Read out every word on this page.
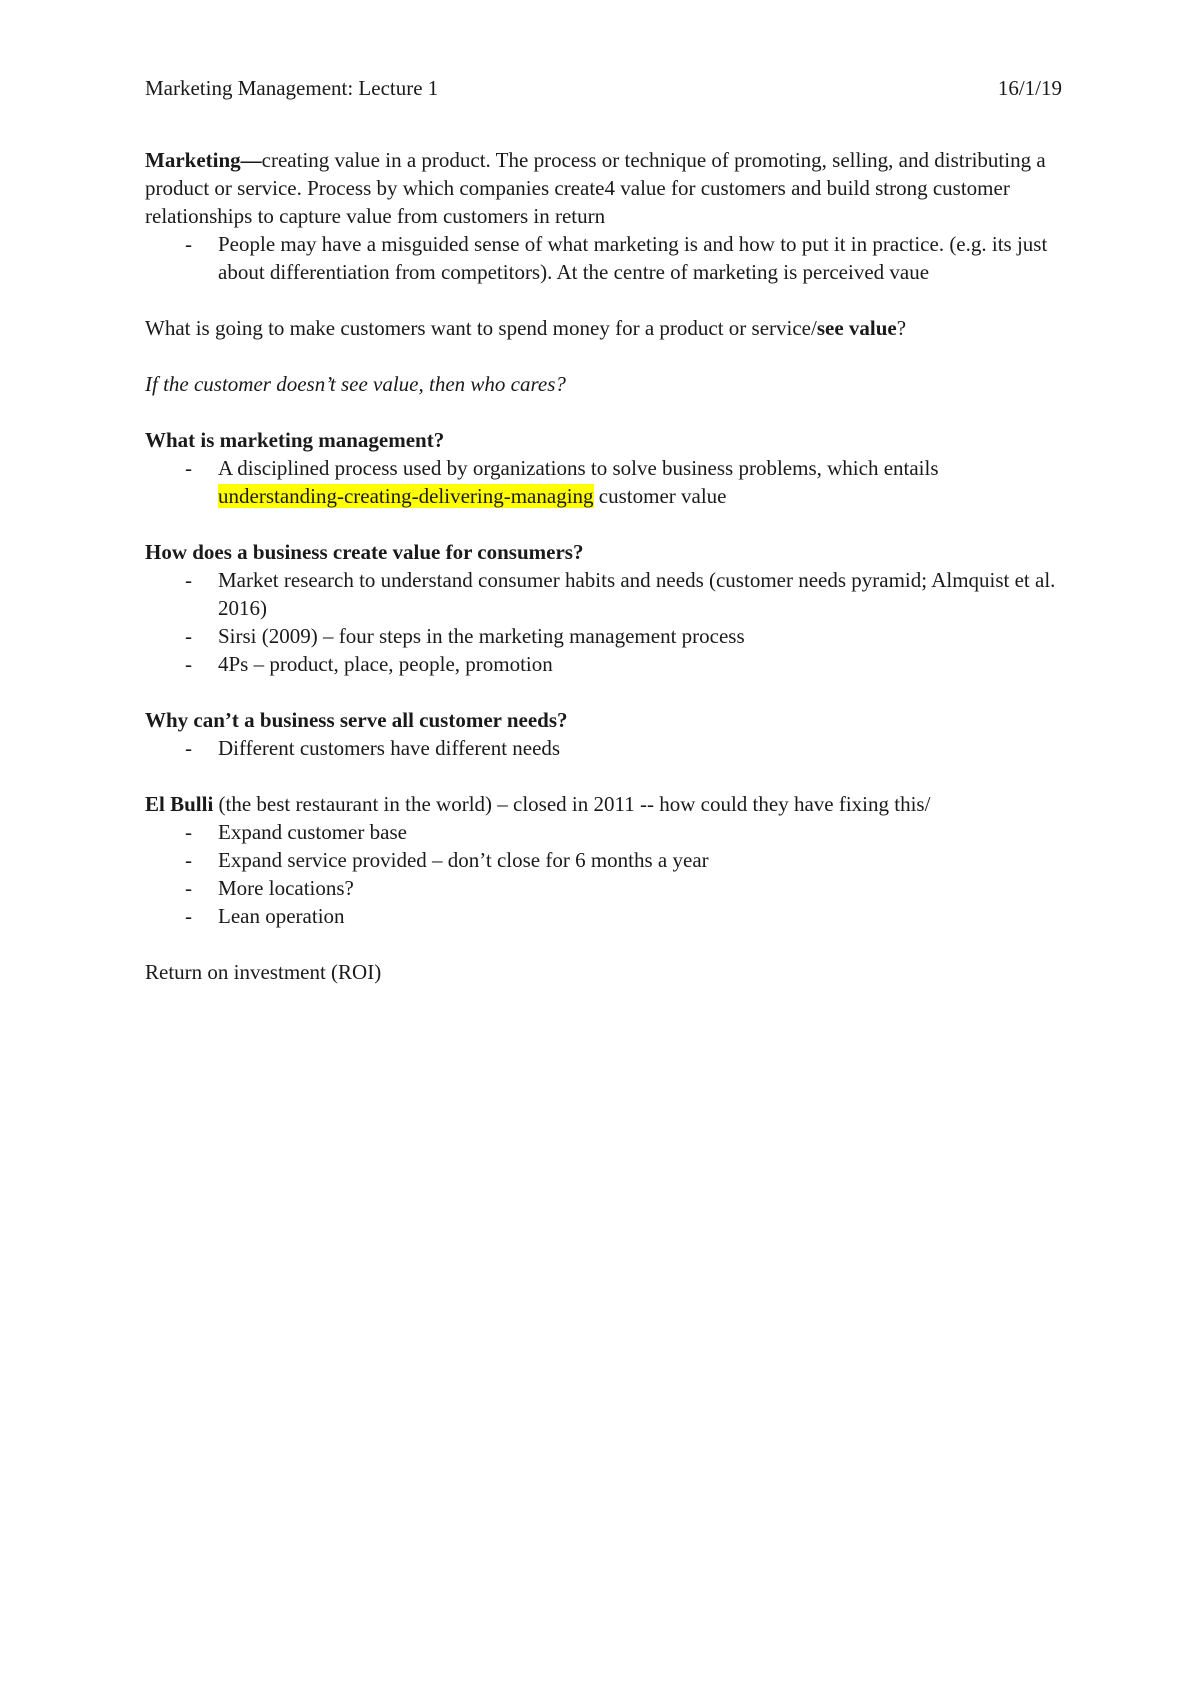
Marketing Management: Lecture 1	16/1/19

Marketing—creating value in a product. The process or technique of promoting, selling, and distributing a product or service. Process by which companies create4 value for customers and build strong customer relationships to capture value from customers in return

- People may have a misguided sense of what marketing is and how to put it in practice. (e.g. its just about differentiation from competitors). At the centre of marketing is perceived vaue

What is going to make customers want to spend money for a product or service/see value?

If the customer doesn’t see value, then who cares?

What is marketing management?

- A disciplined process used by organizations to solve business problems, which entails understanding-creating-delivering-managing customer value

How does a business create value for consumers?

- Market research to understand consumer habits and needs (customer needs pyramid; Almquist et al. 2016)
- Sirsi (2009) – four steps in the marketing management process
- 4Ps – product, place, people, promotion

Why can’t a business serve all customer needs?

- Different customers have different needs

El Bulli (the best restaurant in the world) – closed in 2011 -- how could they have fixing this/

- Expand customer base
- Expand service provided – don’t close for 6 months a year
- More locations?
- Lean operation

Return on investment (ROI)
